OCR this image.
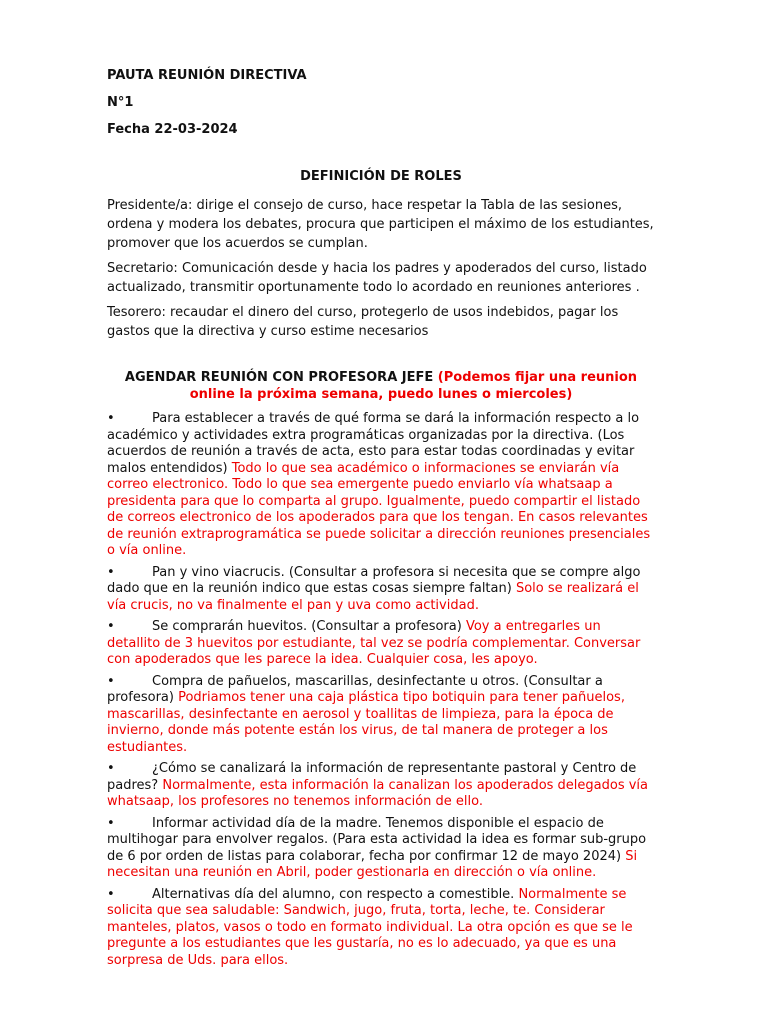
PAUTA REUNIÓN DIRECTIVA

N°1

Fecha 22-03-2024

DEFINICIÓN DE ROLES

Presidente/a: dirige el consejo de curso, hace respetar la Tabla de las sesiones, ordena y modera los debates, procura que participen el máximo de los estudiantes, promover que los acuerdos se cumplan.

Secretario: Comunicación desde y hacia los padres y apoderados del curso, listado actualizado, transmitir oportunamente todo lo acordado en reuniones anteriores .

Tesorero: recaudar el dinero del curso, protegerlo de usos indebidos, pagar los gastos que la directiva y curso estime necesarios

AGENDAR REUNIÓN CON PROFESORA JEFE (Podemos fijar una reunion online la próxima semana, puedo lunes o miercoles)

•	Para establecer a través de qué forma se dará la información respecto a lo académico y actividades extra programáticas organizadas por la directiva. (Los acuerdos de reunión a través de acta, esto para estar todas coordinadas y evitar malos entendidos) Todo lo que sea académico o informaciones se enviarán vía correo electronico. Todo lo que sea emergente puedo enviarlo vía whatsaap a presidenta para que lo comparta al grupo. Igualmente, puedo compartir el listado de correos electronico de los apoderados para que los tengan. En casos relevantes de reunión extraprogramática se puede solicitar a dirección reuniones presenciales o vía online.

•	Pan y vino viacrucis. (Consultar a profesora si necesita que se compre algo dado que en la reunión indico que estas cosas siempre faltan) Solo se realizará el vía crucis, no va finalmente el pan y uva como actividad.

•	Se comprarán huevitos. (Consultar a profesora) Voy a entregarles un detallito de 3 huevitos por estudiante, tal vez se podría complementar. Conversar con apoderados que les parece la idea. Cualquier cosa, les apoyo.

•	Compra de pañuelos, mascarillas, desinfectante u otros. (Consultar a profesora) Podriamos tener una caja plástica tipo botiquin para tener pañuelos, mascarillas, desinfectante en aerosol y toallitas de limpieza, para la época de invierno, donde más potente están los virus, de tal manera de proteger a los estudiantes.

•	¿Cómo se canalizará la información de representante pastoral y Centro de padres? Normalmente, esta información la canalizan los apoderados delegados vía whatsaap, los profesores no tenemos información de ello.

•	Informar actividad día de la madre. Tenemos disponible el espacio de multihogar para envolver regalos. (Para esta actividad la idea es formar sub-grupo de 6 por orden de listas para colaborar, fecha por confirmar 12 de mayo 2024) Si necesitan una reunión en Abril, poder gestionarla en dirección o vía online.

•	Alternativas día del alumno, con respecto a comestible. Normalmente se solicita que sea saludable: Sandwich, jugo, fruta, torta, leche, te. Considerar manteles, platos, vasos o todo en formato individual. La otra opción es que se le pregunte a los estudiantes que les gustaría, no es lo adecuado, ya que es una sorpresa de Uds. para ellos.
